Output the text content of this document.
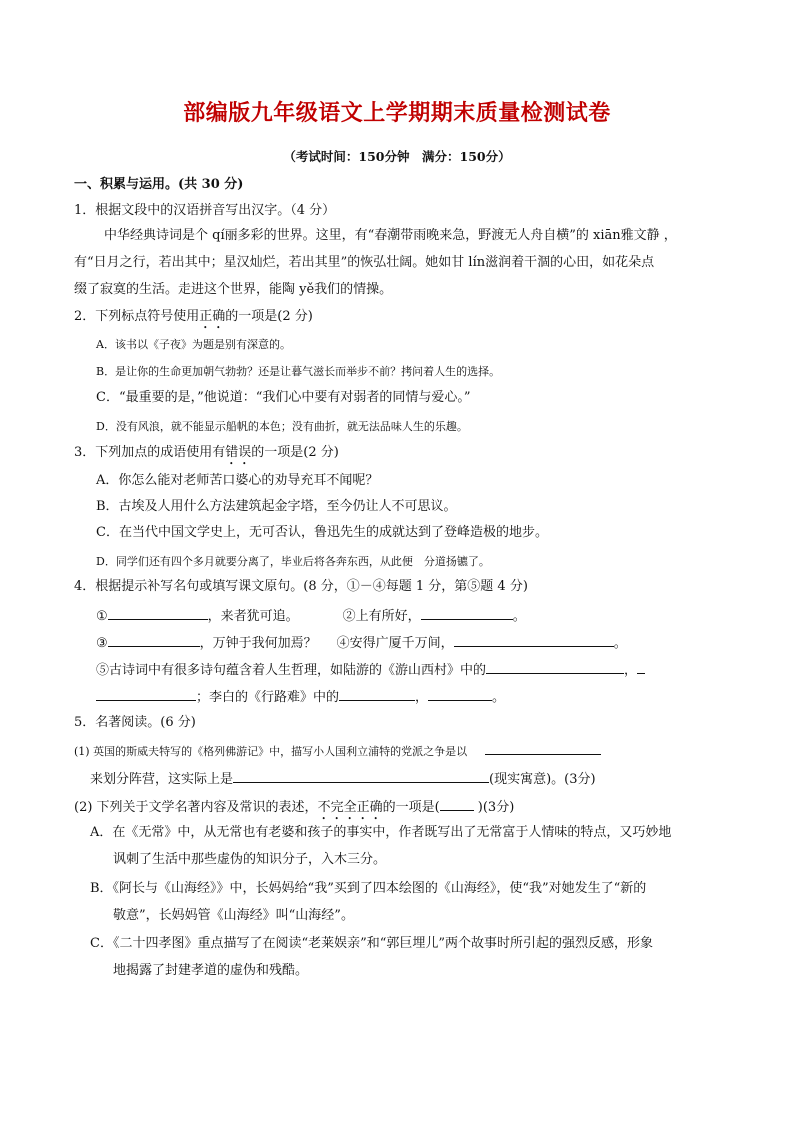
部编版九年级语文上学期期末质量检测试卷
（考试时间：150分钟　满分：150分）
一、积累与运用。(共 30 分)
1．根据文段中的汉语拼音写出汉字。（4 分）
中华经典诗词是个 qí丽多彩的世界。这里，有“春潮带雨晚来急，野渡无人舟自横”的 xiān雅文静 ，
有“日月之行，若出其中；星汉灿烂，若出其里”的恢弘壮阔。她如甘 lín滋润着干涸的心田，如花朵点
缀了寂寞的生活。走进这个世界，能陶 yě我们的情操。
2．下列标点符号使用正确的一项是(2 分)
A．该书以《子夜》为题是别有深意的。
B．是让你的生命更加朝气勃勃？还是让暮气滋长而举步不前？拷问着人生的选择。
C．“最重要的是，”他说道：“我们心中要有对弱者的同情与爱心。”
D．没有风浪，就不能显示船帆的本色；没有曲折，就无法品味人生的乐趣。
3．下列加点的成语使用有错误的一项是(2 分)
A．你怎么能对老师苦口婆心的劝导充耳不闻呢？
B．古埃及人用什么方法建筑起金字塔，至今仍让人不可思议。
C．在当代中国文学史上，无可否认，鲁迅先生的成就达到了登峰造极的地步。
D．同学们还有四个多月就要分离了，毕业后将各奔东西，从此便　分道扬镳了。
4．根据提示补写名句或填写课文原句。(8 分，①－④每题 1 分，第⑤题 4 分)
①	，来者犹可追。	②上有所好，	。
③	，万钟于我何加焉？ ④安得广厦千万间，	。
⑤古诗词中有很多诗句蕴含着人生哲理，如陆游的《游山西村》中的	，
；李白的《行路难》中的	，	。
5．名著阅读。(6 分)
(1) 英国的斯威夫特写的《格列佛游记》中，描写小人国利立浦特的党派之争是以
来划分阵营，这实际上是	(现实寓意)。(3分)
(2) 下列关于文学名著内容及常识的表述，不完全正确的一项是(	)(3分)
A．在《无常》中，从无常也有老婆和孩子的事实中，作者既写出了无常富于人情味的特点，又巧妙地
讽刺了生活中那些虚伪的知识分子，入木三分。
B．《阿长与《山海经》》中，长妈妈给“我”买到了四本绘图的《山海经》，使“我”对她发生了“新的
敬意”，长妈妈管《山海经》叫“山海经”。
C．《二十四孝图》重点描写了在阅读“老莱娱亲”和“郭巨埋儿”两个故事时所引起的强烈反感，形象
地揭露了封建孝道的虚伪和残酷。
